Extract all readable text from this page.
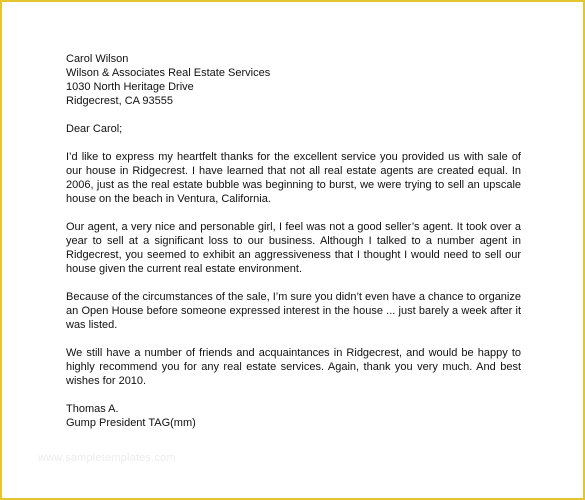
Carol Wilson
Wilson & Associates Real Estate Services
1030 North Heritage Drive
Ridgecrest, CA 93555

Dear Carol;

I’d like to express my heartfelt thanks for the excellent service you provided us with sale of our house in Ridgecrest. I have learned that not all real estate agents are created equal. In 2006, just as the real estate bubble was beginning to burst, we were trying to sell an upscale house on the beach in Ventura, California.

Our agent, a very nice and personable girl, I feel was not a good seller’s agent. It took over a year to sell at a significant loss to our business. Although I talked to a number agent in Ridgecrest, you seemed to exhibit an aggressiveness that I thought I would need to sell our house given the current real estate environment.

Because of the circumstances of the sale, I’m sure you didn’t even have a chance to organize an Open House before someone expressed interest in the house ... just barely a week after it was listed.

We still have a number of friends and acquaintances in Ridgecrest, and would be happy to highly recommend you for any real estate services. Again, thank you very much. And best wishes for 2010.

Thomas A.
Gump President TAG(mm)
www.sampletemplates.com
